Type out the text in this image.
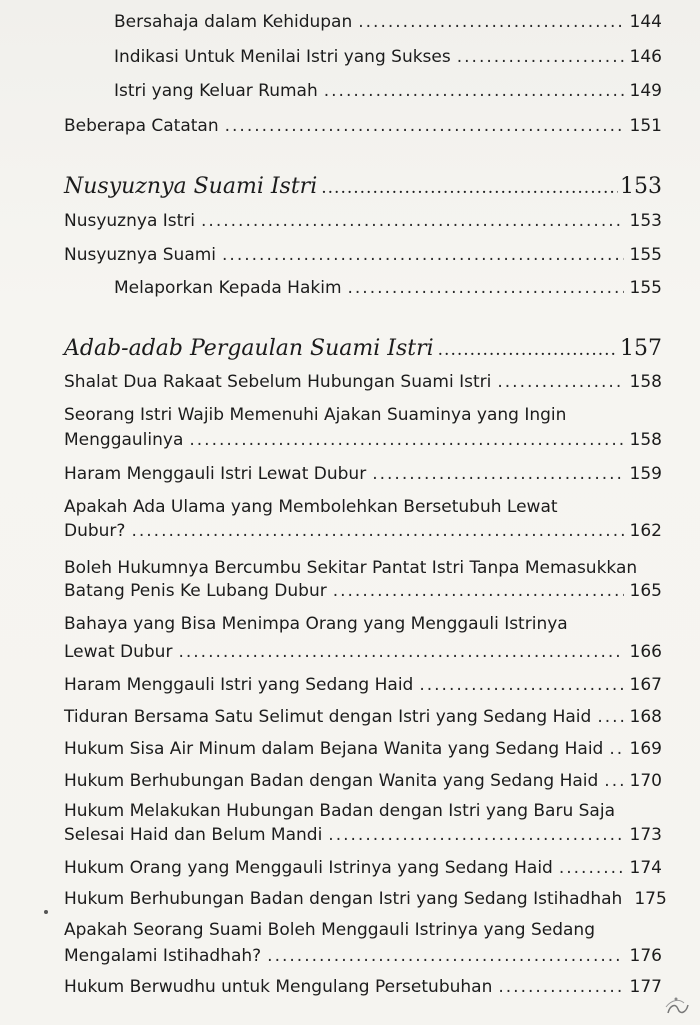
Bersahaja dalam Kehidupan .....	144
Indikasi Untuk Menilai Istri yang Sukses .....	146
Istri yang Keluar Rumah .....	149
Beberapa Catatan .....	151
Nusyuznya Suami Istri .....	153
Nusyuznya Istri .....	153
Nusyuznya Suami .....	155
Melaporkan Kepada Hakim .....	155
Adab-adab Pergaulan Suami Istri .....	157
Shalat Dua Rakaat Sebelum Hubungan Suami Istri .....	158
Seorang Istri Wajib Memenuhi Ajakan Suaminya yang Ingin
Menggaulinya .....	158
Haram Menggauli Istri Lewat Dubur .....	159
Apakah Ada Ulama yang Membolehkan Bersetubuh Lewat
Dubur? .....	162
Boleh Hukumnya Bercumbu Sekitar Pantat Istri Tanpa Memasukkan
Batang Penis Ke Lubang Dubur .....	165
Bahaya yang Bisa Menimpa Orang yang Menggauli Istrinya
Lewat Dubur .....	166
Haram Menggauli Istri yang Sedang Haid .....	167
Tiduran Bersama Satu Selimut dengan Istri yang Sedang Haid ..... 168
Hukum Sisa Air Minum dalam Bejana Wanita yang Sedang Haid ..... 169
Hukum Berhubungan Badan dengan Wanita yang Sedang Haid ..... 170
Hukum Melakukan Hubungan Badan dengan Istri yang Baru Saja
Selesai Haid dan Belum Mandi .....	173
Hukum Orang yang Menggauli Istrinya yang Sedang Haid .....	174
Hukum Berhubungan Badan dengan Istri yang Sedang Istihadhah 175
Apakah Seorang Suami Boleh Menggauli Istrinya yang Sedang
Mengalami Istihadhah? .....	176
Hukum Berwudhu untuk Mengulang Persetubuhan .....	177
